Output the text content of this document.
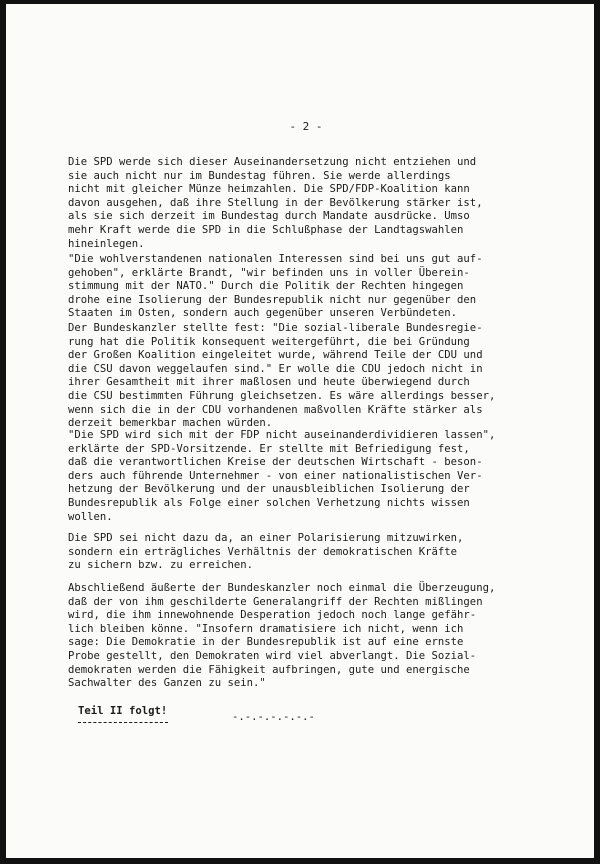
- 2 -

Die SPD werde sich dieser Auseinandersetzung nicht entziehen und
sie auch nicht nur im Bundestag führen. Sie werde allerdings
nicht mit gleicher Münze heimzahlen. Die SPD/FDP-Koalition kann
davon ausgehen, daß ihre Stellung in der Bevölkerung stärker ist,
als sie sich derzeit im Bundestag durch Mandate ausdrücke. Umso
mehr Kraft werde die SPD in die Schlußphase der Landtagswahlen
hineinlegen.

"Die wohlverstandenen nationalen Interessen sind bei uns gut auf-
gehoben", erklärte Brandt, "wir befinden uns in voller Überein-
stimmung mit der NATO." Durch die Politik der Rechten hingegen
drohe eine Isolierung der Bundesrepublik nicht nur gegenüber den
Staaten im Osten, sondern auch gegenüber unseren Verbündeten.

Der Bundeskanzler stellte fest: "Die sozial-liberale Bundesregie-
rung hat die Politik konsequent weitergeführt, die bei Gründung
der Großen Koalition eingeleitet wurde, während Teile der CDU und
die CSU davon weggelaufen sind." Er wolle die CDU jedoch nicht in
ihrer Gesamtheit mit ihrer maßlosen und heute überwiegend durch
die CSU bestimmten Führung gleichsetzen. Es wäre allerdings besser,
wenn sich die in der CDU vorhandenen maßvollen Kräfte stärker als
derzeit bemerkbar machen würden.

"Die SPD wird sich mit der FDP nicht auseinanderdividieren lassen",
erklärte der SPD-Vorsitzende. Er stellte mit Befriedigung fest,
daß die verantwortlichen Kreise der deutschen Wirtschaft - beson-
ders auch führende Unternehmer - von einer nationalistischen Ver-
hetzung der Bevölkerung und der unausbleiblichen Isolierung der
Bundesrepublik als Folge einer solchen Verhetzung nichts wissen
wollen.

Die SPD sei nicht dazu da, an einer Polarisierung mitzuwirken,
sondern ein erträgliches Verhältnis der demokratischen Kräfte
zu sichern bzw. zu erreichen.

Abschließend äußerte der Bundeskanzler noch einmal die Überzeugung,
daß der von ihm geschilderte Generalangriff der Rechten mißlingen
wird, die ihm innewohnende Desperation jedoch noch lange gefähr-
lich bleiben könne. "Insofern dramatisiere ich nicht, wenn ich
sage: Die Demokratie in der Bundesrepublik ist auf eine ernste
Probe gestellt, den Demokraten wird viel abverlangt. Die Sozial-
demokraten werden die Fähigkeit aufbringen, gute und energische
Sachwalter des Ganzen zu sein."

-.-.-.-.-.-.-
Teil II folgt!
